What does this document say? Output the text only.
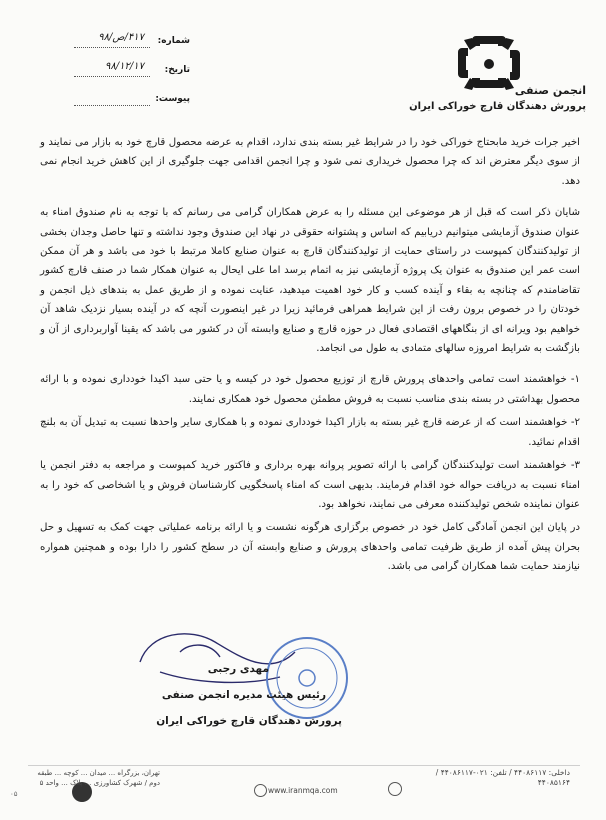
انجمن صنفی
پرورش دهندگان قارچ خوراکی ایران
شماره:
۴۱۷/ص/۹۸
تاریخ:
۹۸/۱۲/۱۷
پیوست:

اخیر جرات خرید مابحتاج خوراکی خود را در شرایط غیر بسته بندی ندارد، اقدام به عرضه محصول قارچ خود به بازار می نمایند و از سوی دیگر معترض اند که چرا محصول خریداری نمی شود و چرا انجمن اقدامی جهت جلوگیری از این کاهش خرید انجام نمی دهد.

شایان ذکر است که قبل از هر موضوعی این مسئله را به عرض همکاران گرامی می رسانم که با توجه به نام صندوق امناء به عنوان صندوق آزمایشی میتوانیم دریابیم که اساس و پشتوانه حقوقی در نهاد این صندوق وجود نداشته و تنها حاصل وجدان بخشی از تولیدکنندگان کمپوست در راستای حمایت از تولیدکنندگان قارچ به عنوان صنایع کاملا مرتبط با خود می باشد و هر آن ممکن است عمر این صندوق به عنوان یک پروژه آزمایشی نیز به اتمام برسد اما علی ایحال به عنوان همکار شما در صنف قارچ کشور تقاضامندم که چنانچه به بقاء و آینده کسب و کار خود اهمیت میدهید، عنایت نموده و از طریق عمل به بندهای ذیل انجمن و خودتان را در خصوص برون رفت از این شرایط همراهی فرمائید زیرا در غیر اینصورت آنچه که در آینده بسیار نزدیک شاهد آن خواهیم بود ویرانه ای از بنگاههای اقتصادی فعال در حوزه قارچ و صنایع وابسته آن در کشور می باشد که یقینا آواربرداری از آن و بازگشت به شرایط امروزه سالهای متمادی به طول می انجامد.

۱- خواهشمند است تمامی واحدهای پرورش قارچ از توزیع محصول خود در کیسه و یا حتی سبد اکیدا خودداری نموده و با ارائه محصول بهداشتی در بسته بندی مناسب نسبت به فروش مطمئن محصول خود همکاری نمایند.
۲- خواهشمند است که از عرضه قارچ غیر بسته به بازار اکیدا خودداری نموده و با همکاری سایر واحدها نسبت به تبدیل آن به بلنچ اقدام نمائید.
۳- خواهشمند است تولیدکنندگان گرامی با ارائه تصویر پروانه بهره برداری و فاکتور خرید کمپوست و مراجعه به دفتر انجمن یا امناء نسبت به دریافت حواله خود اقدام فرمایند. بدیهی است که امناء پاسخگویی کارشناسان فروش و یا اشخاصی که خود را به عنوان نماینده شخص تولیدکننده معرفی می نمایند، نخواهد بود.

در پایان این انجمن آمادگی کامل خود در خصوص برگزاری هرگونه نشست و یا ارائه برنامه عملیاتی جهت کمک به تسهیل و حل بحران پیش آمده از طریق ظرفیت تمامی واحدهای پرورش و صنایع وابسته آن در سطح کشور را دارا بوده و همچنین همواره نیازمند حمایت شما همکاران گرامی می باشد.

مهدی رجبی
رئیس هیئت مدیره انجمن صنفی
پرورش دهندگان قارچ خوراکی ایران
تهران، بزرگراه ... میدان ... کوچه ... طبقه دوم / شهرک کشاورزی ... پلاک ... واحد ۵
www.iranmqa.com
داخلی: ۴۴۰۸۶۱۱۷ / تلفن: ۰۲۱-۴۴۰۸۶۱۱۷ / ۴۴۰۸۵۱۶۴
۰۵
